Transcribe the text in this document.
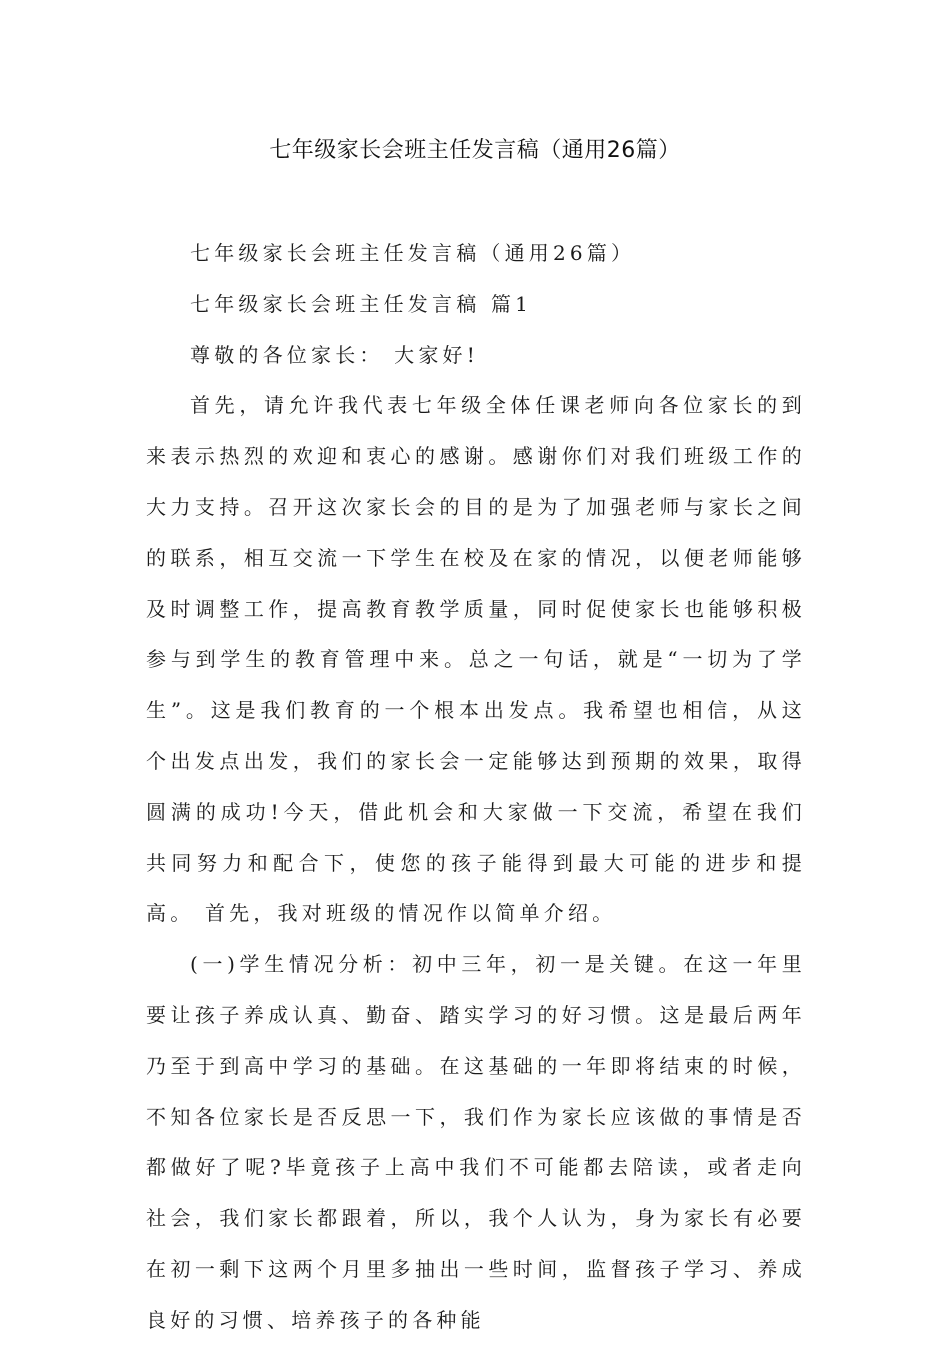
七年级家长会班主任发言稿（通用26篇）

七年级家长会班主任发言稿（通用26篇）

七年级家长会班主任发言稿 篇1

尊敬的各位家长： 大家好!

首先，请允许我代表七年级全体任课老师向各位家长的到来表示热烈的欢迎和衷心的感谢。感谢你们对我们班级工作的大力支持。召开这次家长会的目的是为了加强老师与家长之间的联系，相互交流一下学生在校及在家的情况，以便老师能够及时调整工作，提高教育教学质量，同时促使家长也能够积极参与到学生的教育管理中来。总之一句话，就是“一切为了学生”。这是我们教育的一个根本出发点。我希望也相信，从这个出发点出发，我们的家长会一定能够达到预期的效果，取得圆满的成功!今天，借此机会和大家做一下交流，希望在我们共同努力和配合下，使您的孩子能得到最大可能的进步和提高。 首先，我对班级的情况作以简单介绍。

(一)学生情况分析：初中三年，初一是关键。在这一年里要让孩子养成认真、勤奋、踏实学习的好习惯。这是最后两年乃至于到高中学习的基础。在这基础的一年即将结束的时候，不知各位家长是否反思一下，我们作为家长应该做的事情是否都做好了呢?毕竟孩子上高中我们不可能都去陪读，或者走向社会，我们家长都跟着，所以，我个人认为，身为家长有必要在初一剩下这两个月里多抽出一些时间，监督孩子学习、养成良好的习惯、培养孩子的各种能
